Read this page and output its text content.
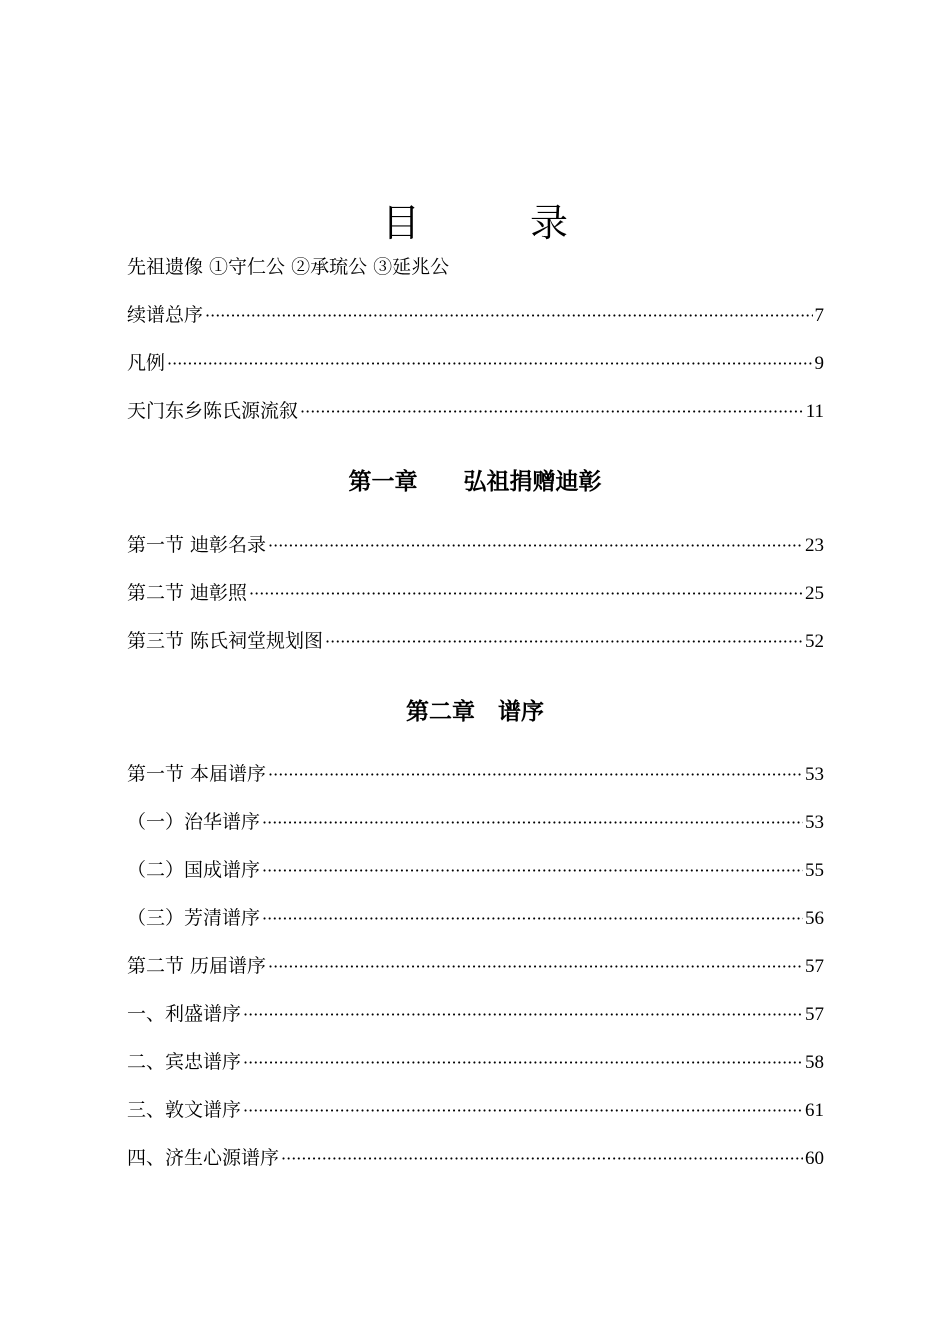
目　录
先祖遗像 ①守仁公 ②承琉公 ③延兆公
续谱总序 ·····	7
凡例 ·····	9
天门东乡陈氏源流叙 ·····	11
第一章　　弘祖捐赠迪彰
第一节 迪彰名录 ·····	23
第二节 迪彰照 ·····	25
第三节 陈氏祠堂规划图 ·····	52
第二章　谱序
第一节 本届谱序 ·····	53
（一）治华谱序 ·····	53
（二）国成谱序 ·····	55
（三）芳清谱序 ·····	56
第二节 历届谱序 ·····	57
一、利盛谱序 ·····	57
二、宾忠谱序 ·····	58
三、敦文谱序 ·····	61
四、济生心源谱序 ·····	60
